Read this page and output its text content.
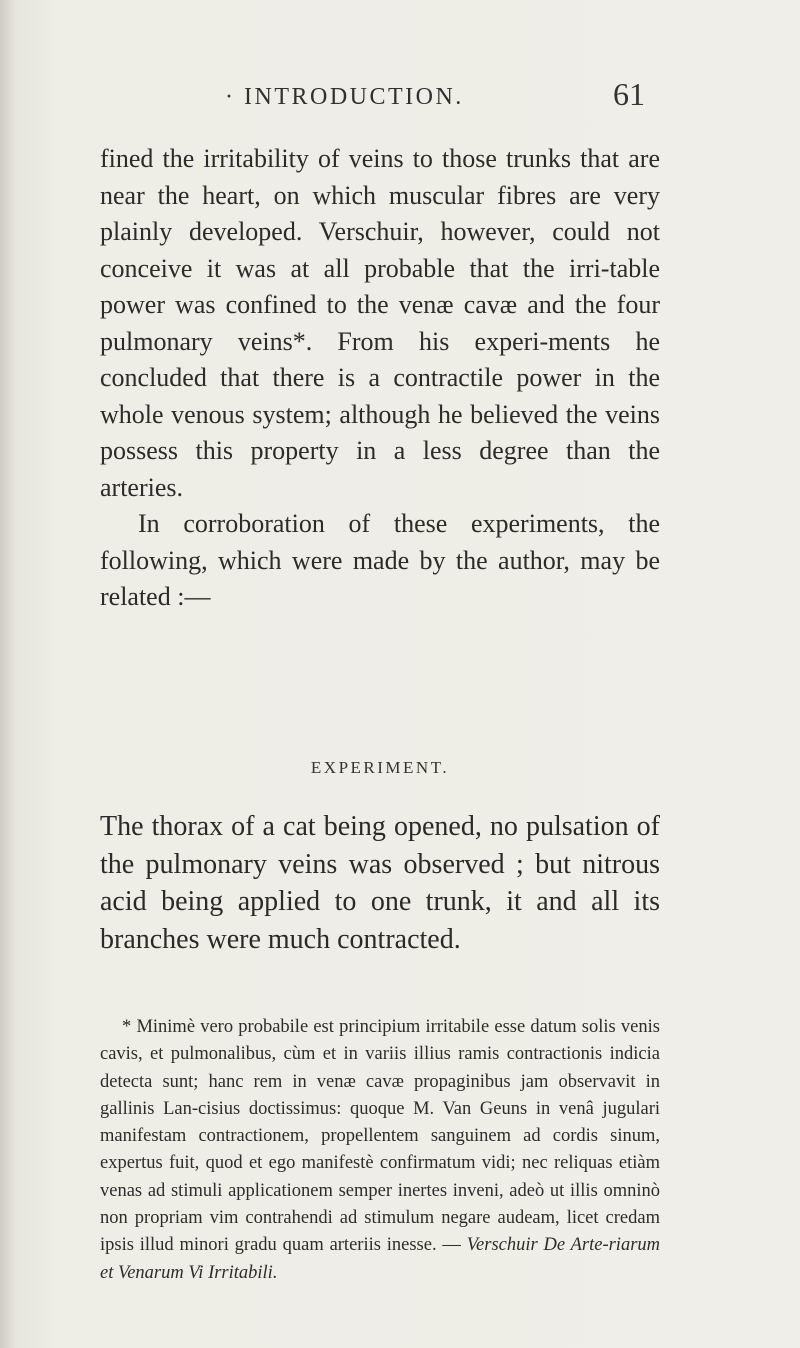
· INTRODUCTION.	61

fined the irritability of veins to those trunks that are near the heart, on which muscular fibres are very plainly developed. Verschuir, however, could not conceive it was at all probable that the irri-table power was confined to the venæ cavæ and the four pulmonary veins*. From his experi-ments he concluded that there is a contractile power in the whole venous system; although he believed the veins possess this property in a less degree than the arteries.

In corroboration of these experiments, the following, which were made by the author, may be related :—

EXPERIMENT.

The thorax of a cat being opened, no pulsation of the pulmonary veins was observed ; but nitrous acid being applied to one trunk, it and all its branches were much contracted.

* Minimè vero probabile est principium irritabile esse datum solis venis cavis, et pulmonalibus, cùm et in variis illius ramis contractionis indicia detecta sunt; hanc rem in venæ cavæ propaginibus jam observavit in gallinis Lan-cisius doctissimus: quoque M. Van Geuns in venâ jugulari manifestam contractionem, propellentem sanguinem ad cordis sinum, expertus fuit, quod et ego manifestè confirmatum vidi; nec reliquas etiàm venas ad stimuli applicationem semper inertes inveni, adeò ut illis omninò non propriam vim contrahendi ad stimulum negare audeam, licet credam ipsis illud minori gradu quam arteriis inesse. — Verschuir De Arte-riarum et Venarum Vi Irritabili.
